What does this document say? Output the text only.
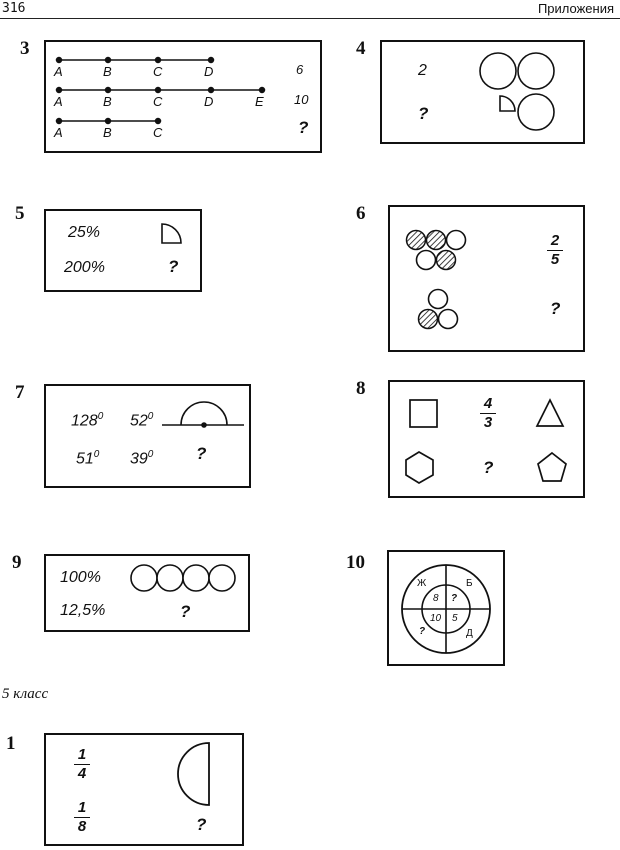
316	Приложения
3
A	B	C	D	6
A	B	C	D	E 10
A	B	C	?
4
2
?
5
25%
200%	?
6
2
5
?
7
$128^0$ $52^0$
$51^0$ $39^0$	?
8
4
3
?
9
100%
12,5%	?
10
Ж	Б
?	Д
8 ?
10 5
5 класс
1
1
4
1
8	?
